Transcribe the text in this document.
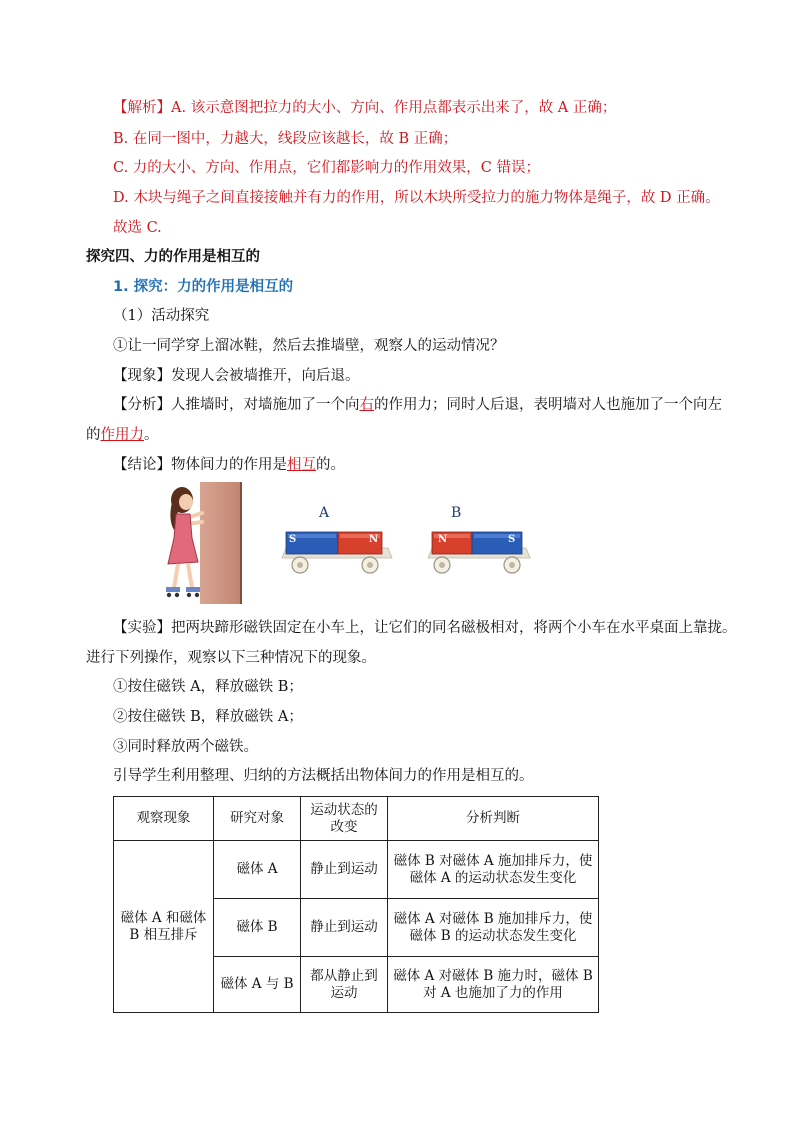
【解析】A. 该示意图把拉力的大小、方向、作用点都表示出来了，故 A 正确；
B. 在同一图中，力越大，线段应该越长，故 B 正确；
C. 力的大小、方向、作用点，它们都影响力的作用效果，C 错误；
D. 木块与绳子之间直接接触并有力的作用，所以木块所受拉力的施力物体是绳子，故 D 正确。
故选 C.
探究四、力的作用是相互的
1. 探究：力的作用是相互的
（1）活动探究
①让一同学穿上溜冰鞋，然后去推墙壁，观察人的运动情况？
【现象】发现人会被墙推开，向后退。
【分析】人推墙时，对墙施加了一个向右的作用力；同时人后退，表明墙对人也施加了一个向左
的作用力。
【结论】物体间力的作用是相互的。
A	B
S	N	N	S
【实验】把两块蹄形磁铁固定在小车上，让它们的同名磁极相对，将两个小车在水平桌面上靠拢。
进行下列操作，观察以下三种情况下的现象。
①按住磁铁 A，释放磁铁 B；
②按住磁铁 B，释放磁铁 A；
③同时释放两个磁铁。
引导学生利用整理、归纳的方法概括出物体间力的作用是相互的。
观察现象	研究对象	运动状态的改变	分析判断
磁体 A 和磁体 B 相互排斥	磁体 A	静止到运动	磁体 B 对磁体 A 施加排斥力，使磁体 A 的运动状态发生变化
	磁体 B	静止到运动	磁体 A 对磁体 B 施加排斥力，使磁体 B 的运动状态发生变化
	磁体 A 与 B	都从静止到运动	磁体 A 对磁体 B 施力时，磁体 B 对 A 也施加了力的作用
